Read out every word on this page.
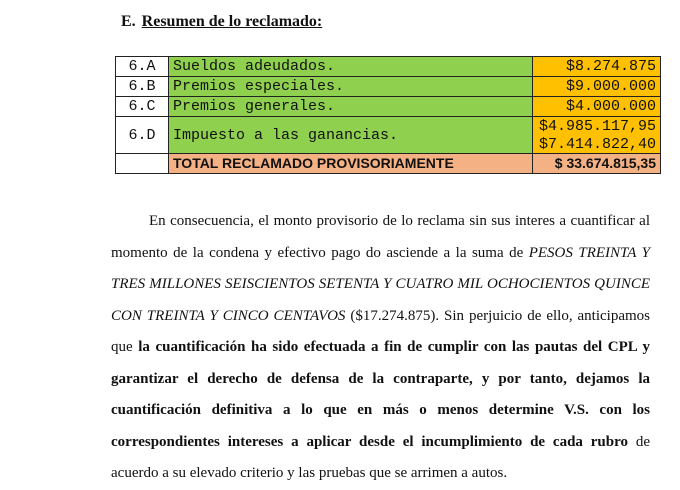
E. Resumen de lo reclamado:
6.A	Sueldos adeudados.	$8.274.875
6.B	Premios especiales.	$9.000.000
6.C	Premios generales.	$4.000.000
6.D	Impuesto a las ganancias.	$4.985.117,95
$7.414.822,40

	TOTAL RECLAMADO PROVISORIAMENTE	$ 33.674.815,35

En consecuencia, el monto provisorio de lo reclama sin sus interes a cuantificar al momento de la condena y efectivo pago do asciende a la suma de PESOS TREINTA Y TRES MILLONES SEISCIENTOS SETENTA Y CUATRO MIL OCHOCIENTOS QUINCE CON TREINTA Y CINCO CENTAVOS ($17.274.875). Sin perjuicio de ello, anticipamos que la cuantificación ha sido efectuada a fin de cumplir con las pautas del CPL y garantizar el derecho de defensa de la contraparte, y por tanto, dejamos la cuantificación definitiva a lo que en más o menos determine V.S. con los correspondientes intereses a aplicar desde el incumplimiento de cada rubro de acuerdo a su elevado criterio y las pruebas que se arrimen a autos.
